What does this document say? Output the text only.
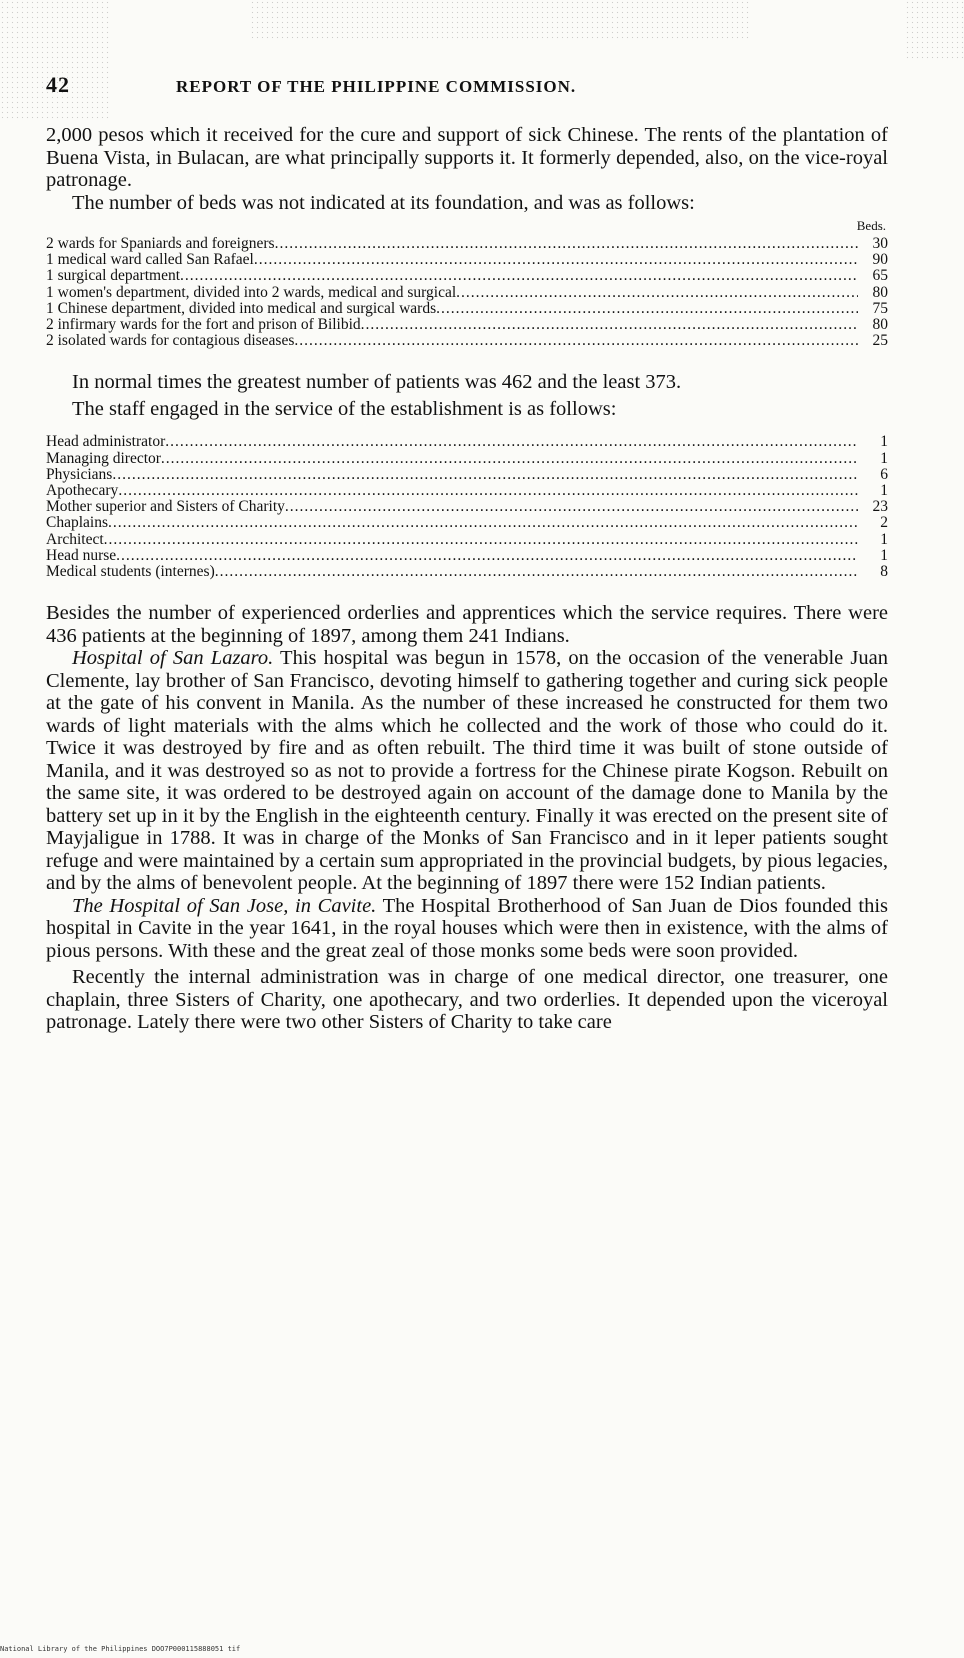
42	REPORT OF THE PHILIPPINE COMMISSION.

2,000 pesos which it received for the cure and support of sick Chinese. The rents of the plantation of Buena Vista, in Bulacan, are what principally supports it. It formerly depended, also, on the vice-royal patronage.

The number of beds was not indicated at its foundation, and was as follows:

Beds.
2 wards for Spaniards and foreigners .....	30
1 medical ward called San Rafael .....	90
1 surgical department .....	65
1 women's department, divided into 2 wards, medical and surgical .....	80
1 Chinese department, divided into medical and surgical wards .....	75
2 infirmary wards for the fort and prison of Bilibid .....	80
2 isolated wards for contagious diseases .....	25

In normal times the greatest number of patients was 462 and the least 373.

The staff engaged in the service of the establishment is as follows:

Head administrator .....	1
Managing director .....	1
Physicians .....	6
Apothecary .....	1
Mother superior and Sisters of Charity .....	23
Chaplains .....	2
Architect .....	1
Head nurse .....	1
Medical students (internes) .....	8

Besides the number of experienced orderlies and apprentices which the service requires. There were 436 patients at the beginning of 1897, among them 241 Indians.

Hospital of San Lazaro. This hospital was begun in 1578, on the occasion of the venerable Juan Clemente, lay brother of San Francisco, devoting himself to gathering together and curing sick people at the gate of his convent in Manila. As the number of these increased he constructed for them two wards of light materials with the alms which he collected and the work of those who could do it. Twice it was destroyed by fire and as often rebuilt. The third time it was built of stone outside of Manila, and it was destroyed so as not to provide a fortress for the Chinese pirate Kogson. Rebuilt on the same site, it was ordered to be destroyed again on account of the damage done to Manila by the battery set up in it by the English in the eighteenth century. Finally it was erected on the present site of Mayjaligue in 1788. It was in charge of the Monks of San Francisco and in it leper patients sought refuge and were maintained by a certain sum appropriated in the provincial budgets, by pious legacies, and by the alms of benevolent people. At the beginning of 1897 there were 152 Indian patients.

The Hospital of San Jose, in Cavite. The Hospital Brotherhood of San Juan de Dios founded this hospital in Cavite in the year 1641, in the royal houses which were then in existence, with the alms of pious persons. With these and the great zeal of those monks some beds were soon provided.

Recently the internal administration was in charge of one medical director, one treasurer, one chaplain, three Sisters of Charity, one apothecary, and two orderlies. It depended upon the viceroyal patronage. Lately there were two other Sisters of Charity to take care

National Library of the Philippines DOO7P000115888051 tif
